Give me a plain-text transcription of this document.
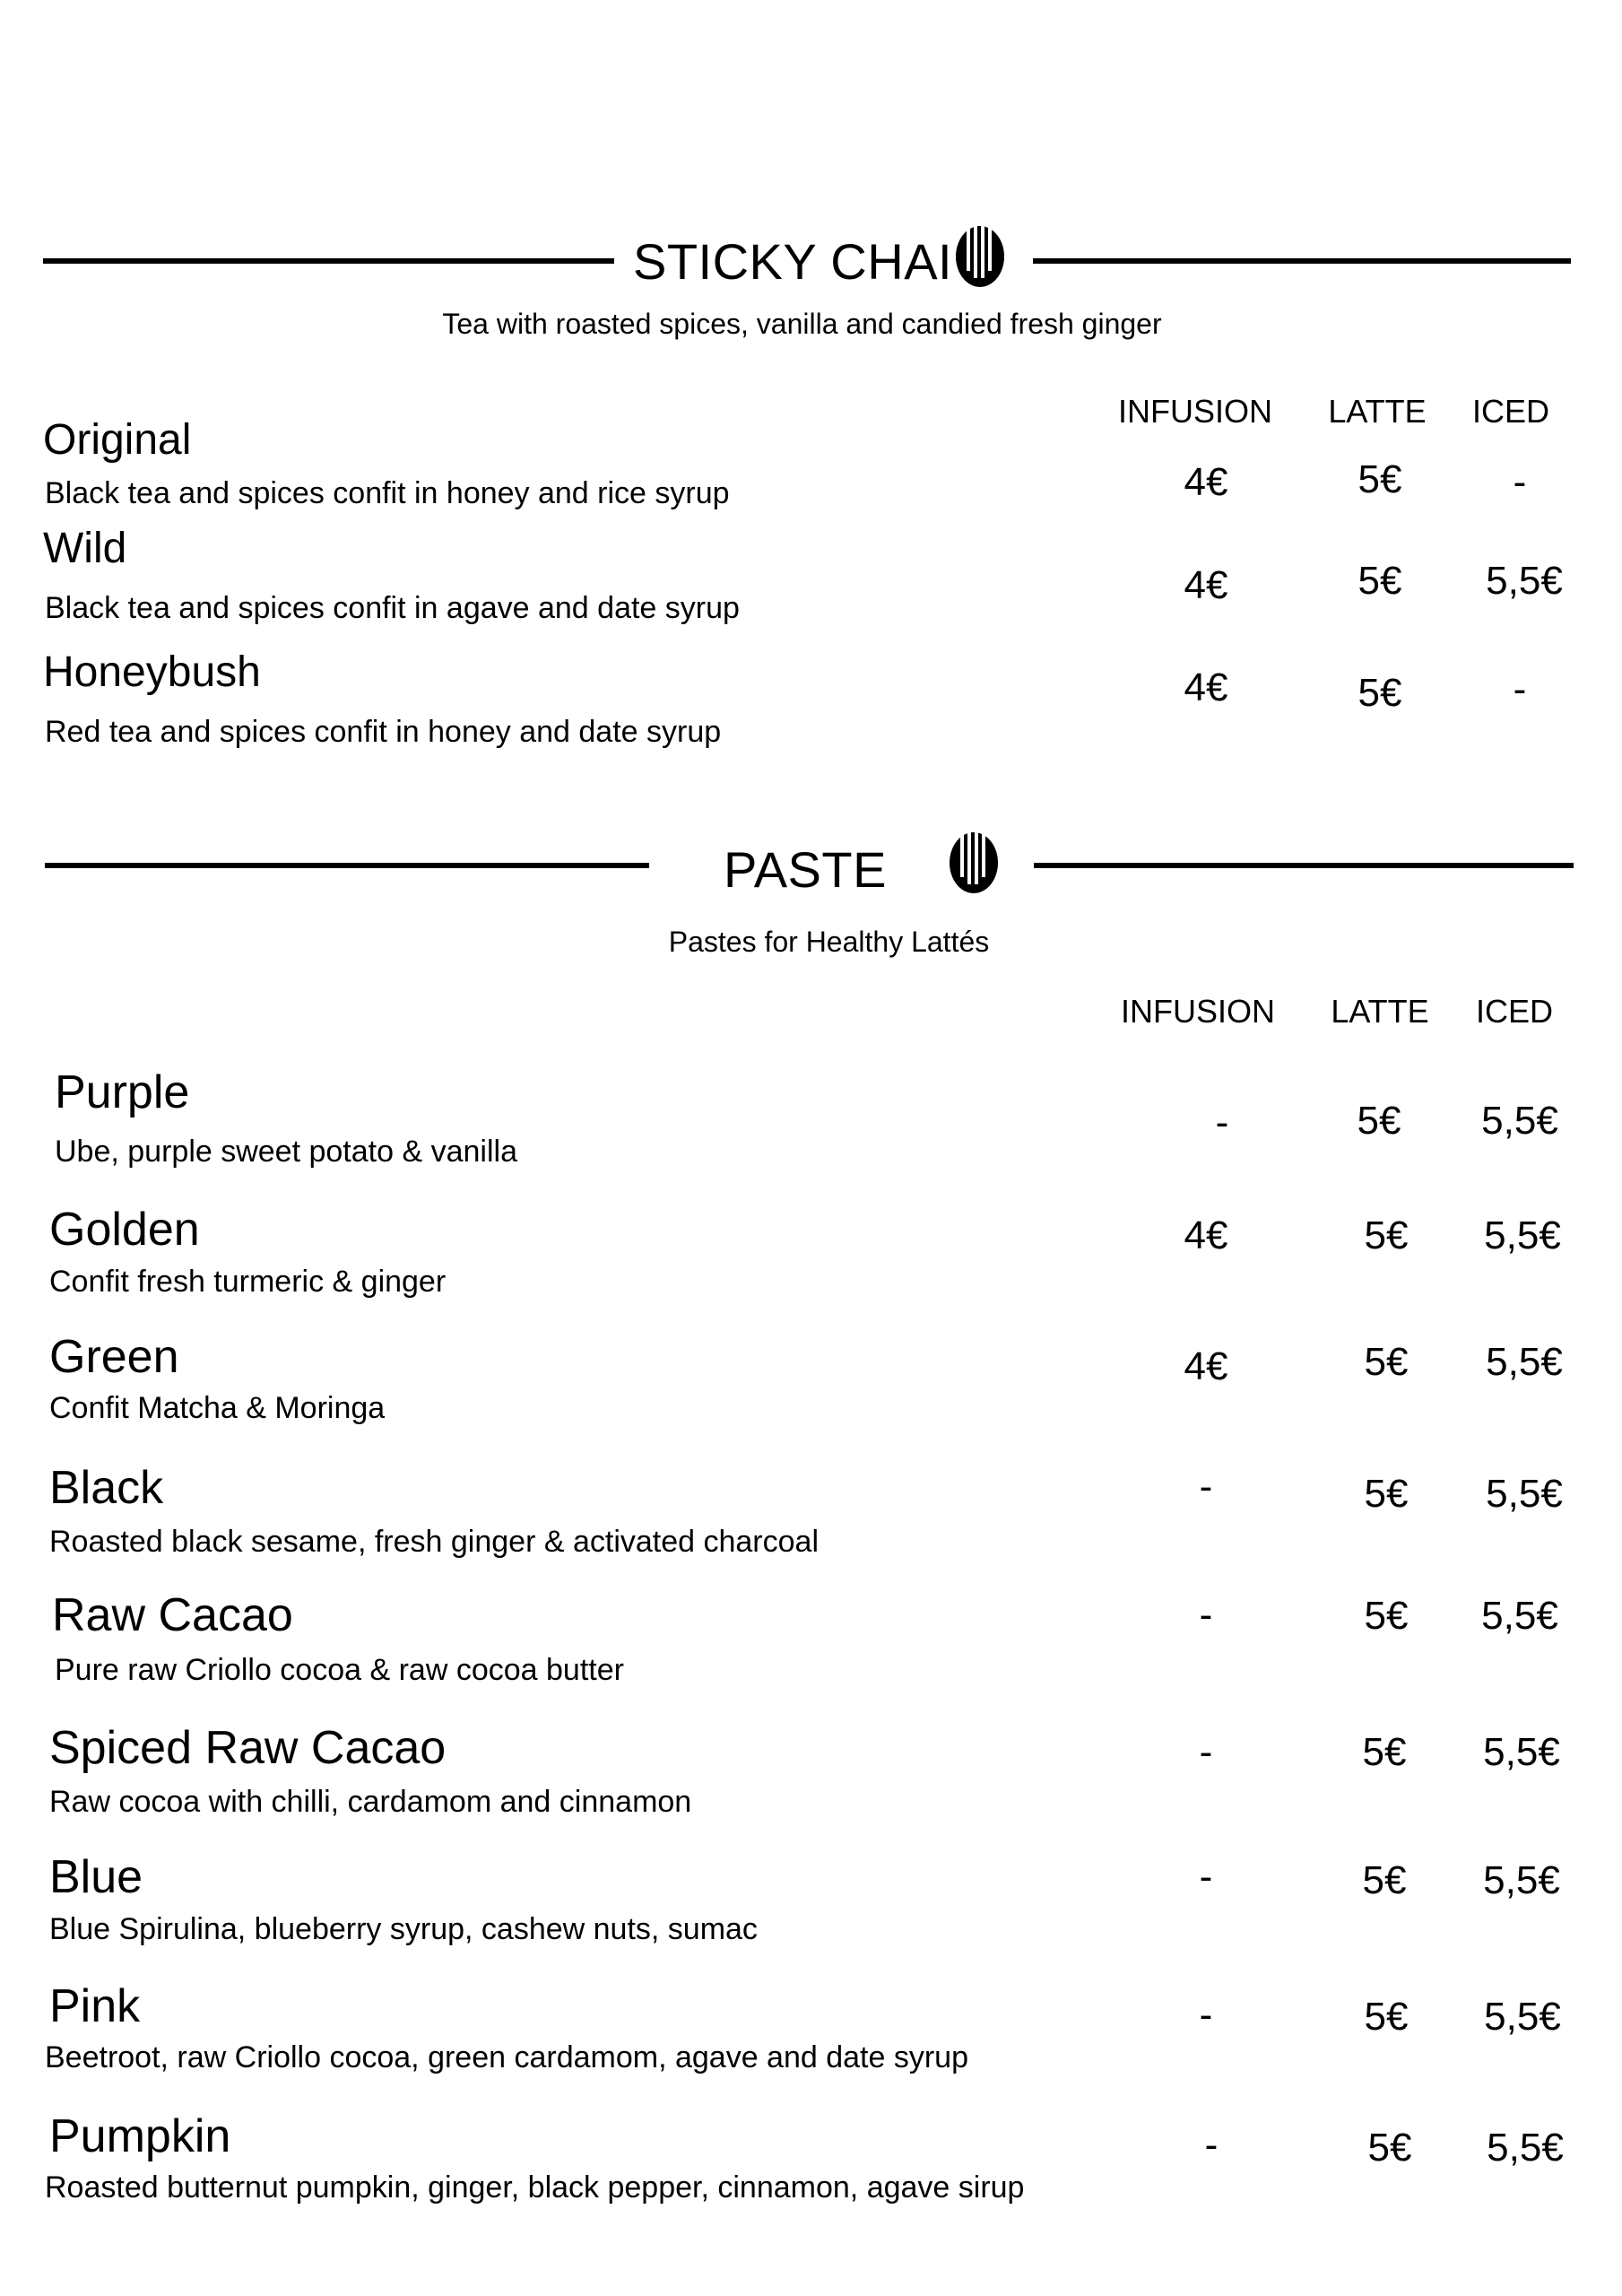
STICKY CHAI
Tea with roasted spices, vanilla and candied fresh ginger
INFUSION LATTE ICED
Original
Black tea and spices confit in honey and rice syrup	4€	5€	-
Wild
Black tea and spices confit in agave and date syrup
4€	5€ 5,5€
Honeybush
Red tea and spices confit in honey and date syrup
4€	5€	-
PASTE
Pastes for Healthy Lattés
INFUSION LATTE ICED
Purple
Ube, purple sweet potato & vanilla
-	5€ 5,5€
Golden
Confit fresh turmeric & ginger
4€	5€ 5,5€
Green
Confit Matcha & Moringa
4€	5€ 5,5€
Black
Roasted black sesame, fresh ginger & activated charcoal
-	5€ 5,5€
Raw Cacao
Pure raw Criollo cocoa & raw cocoa butter
-	5€ 5,5€
Spiced Raw Cacao
Raw cocoa with chilli, cardamom and cinnamon
-	5€ 5,5€
Blue
Blue Spirulina, blueberry syrup, cashew nuts, sumac
-	5€ 5,5€
Pink
Beetroot, raw Criollo cocoa, green cardamom, agave and date syrup
-	5€ 5,5€
Pumpkin
Roasted butternut pumpkin, ginger, black pepper, cinnamon, agave sirup
-	5€ 5,5€
